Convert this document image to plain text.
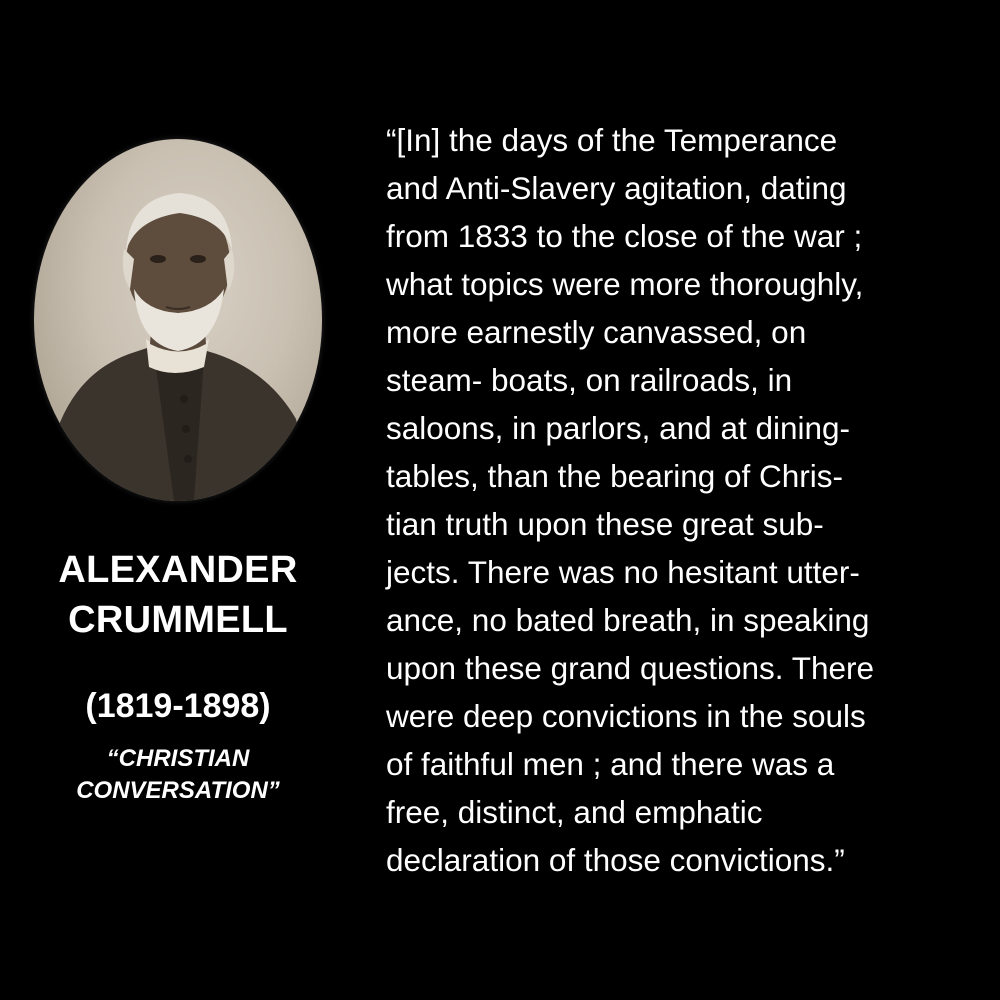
ALEXANDER
CRUMMELL
(1819-1898)
“CHRISTIAN
CONVERSATION”
“[In] the days of the Temperance
and Anti-Slavery agitation, dating
from 1833 to the close of the war ;
what topics were more thoroughly,
more earnestly canvassed, on
steam- boats, on railroads, in
saloons, in parlors, and at dining-
tables, than the bearing of Chris-
tian truth upon these great sub-
jects. There was no hesitant utter-
ance, no bated breath, in speaking
upon these grand questions. There
were deep convictions in the souls
of faithful men ; and there was a
free, distinct, and emphatic
declaration of those convictions.”
